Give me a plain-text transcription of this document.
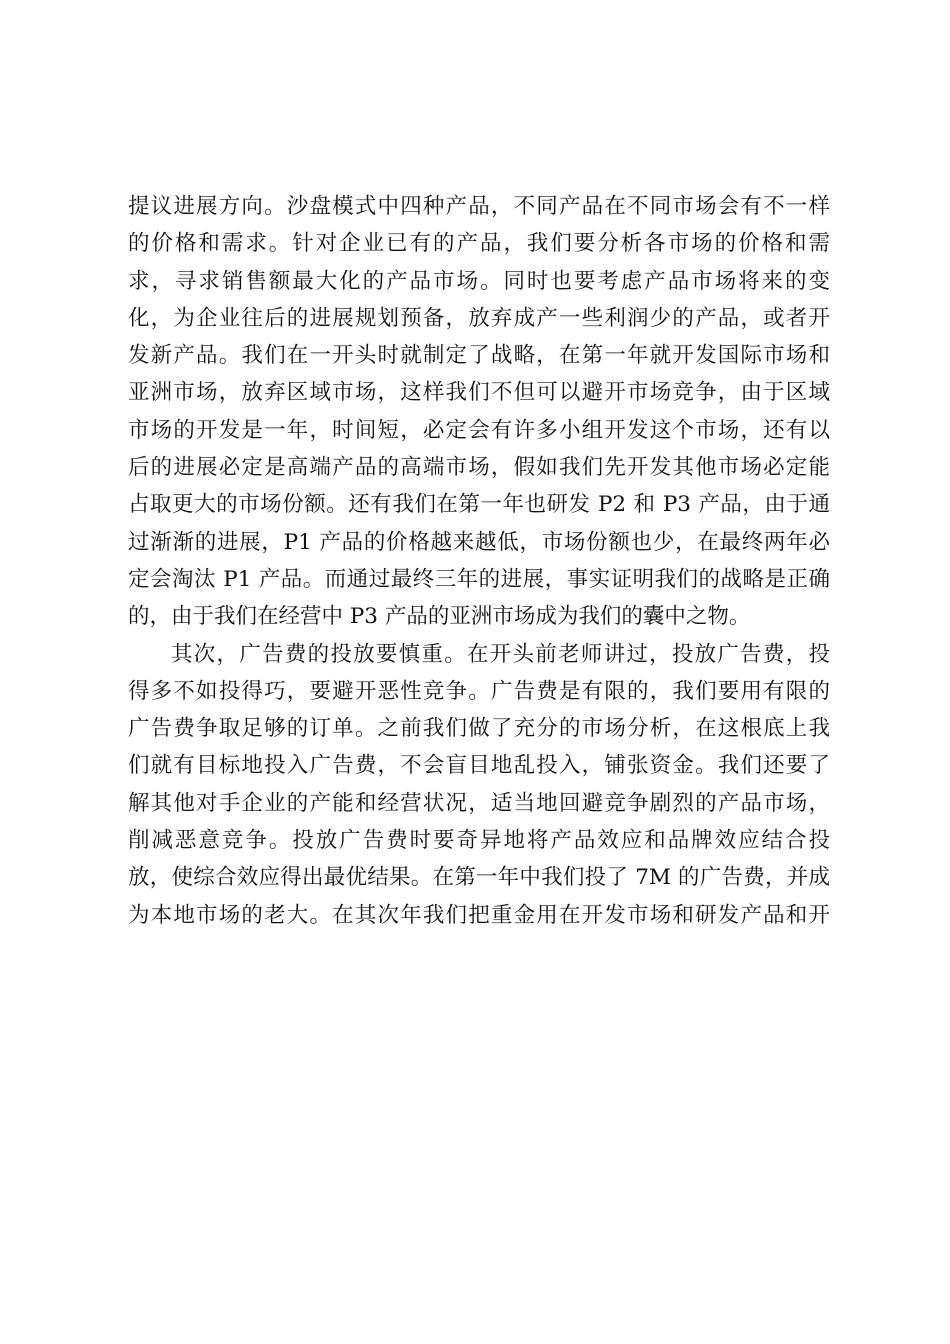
提议进展方向。沙盘模式中四种产品，不同产品在不同市场会有不一样
的价格和需求。针对企业已有的产品，我们要分析各市场的价格和需
求，寻求销售额最大化的产品市场。同时也要考虑产品市场将来的变
化，为企业往后的进展规划预备，放弃成产一些利润少的产品，或者开
发新产品。我们在一开头时就制定了战略，在第一年就开发国际市场和
亚洲市场，放弃区域市场，这样我们不但可以避开市场竞争，由于区域
市场的开发是一年，时间短，必定会有许多小组开发这个市场，还有以
后的进展必定是高端产品的高端市场，假如我们先开发其他市场必定能
占取更大的市场份额。还有我们在第一年也研发 P2 和 P3 产品，由于通
过渐渐的进展，P1 产品的价格越来越低，市场份额也少，在最终两年必
定会淘汰 P1 产品。而通过最终三年的进展，事实证明我们的战略是正确
的，由于我们在经营中 P3 产品的亚洲市场成为我们的囊中之物。
其次，广告费的投放要慎重。在开头前老师讲过，投放广告费，投
得多不如投得巧，要避开恶性竞争。广告费是有限的，我们要用有限的
广告费争取足够的订单。之前我们做了充分的市场分析，在这根底上我
们就有目标地投入广告费，不会盲目地乱投入，铺张资金。我们还要了
解其他对手企业的产能和经营状况，适当地回避竞争剧烈的产品市场，
削减恶意竞争。投放广告费时要奇异地将产品效应和品牌效应结合投
放，使综合效应得出最优结果。在第一年中我们投了 7M 的广告费，并成
为本地市场的老大。在其次年我们把重金用在开发市场和研发产品和开
